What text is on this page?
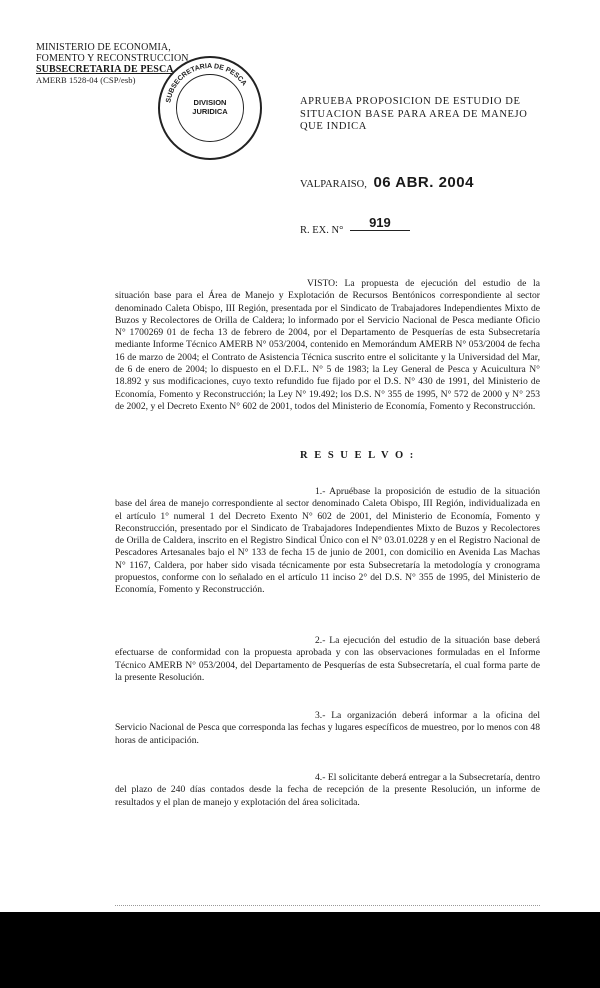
MINISTERIO DE ECONOMIA,
FOMENTO Y RECONSTRUCCION
SUBSECRETARIA DE PESCA
AMERB 1528-04 (CSP/esb)
SUBSECRETARIA DE PESCA
DIVISION
JURIDICA
APRUEBA PROPOSICION DE ESTUDIO DE SITUACION BASE PARA AREA DE MANEJO QUE INDICA
VALPARAISO, 06 ABR. 2004
R. EX. N° 919
VISTO: La propuesta de ejecución del estudio de la situación base para el Área de Manejo y Explotación de Recursos Bentónicos correspondiente al sector denominado Caleta Obispo, III Región, presentada por el Sindicato de Trabajadores Independientes Mixto de Buzos y Recolectores de Orilla de Caldera; lo informado por el Servicio Nacional de Pesca mediante Oficio N° 1700269 01 de fecha 13 de febrero de 2004, por el Departamento de Pesquerías de esta Subsecretaría mediante Informe Técnico AMERB N° 053/2004, contenido en Memorándum AMERB N° 053/2004 de fecha 16 de marzo de 2004; el Contrato de Asistencia Técnica suscrito entre el solicitante y la Universidad del Mar, de 6 de enero de 2004; lo dispuesto en el D.F.L. N° 5 de 1983; la Ley General de Pesca y Acuicultura N° 18.892 y sus modificaciones, cuyo texto refundido fue fijado por el D.S. N° 430 de 1991, del Ministerio de Economía, Fomento y Reconstrucción; la Ley N° 19.492; los D.S. N° 355 de 1995, N° 572 de 2000 y N° 253 de 2002, y el Decreto Exento N° 602 de 2001, todos del Ministerio de Economía, Fomento y Reconstrucción.
R E S U E L V O :
1.- Apruébase la proposición de estudio de la situación base del área de manejo correspondiente al sector denominado Caleta Obispo, III Región, individualizada en el artículo 1° numeral 1 del Decreto Exento N° 602 de 2001, del Ministerio de Economía, Fomento y Reconstrucción, presentado por el Sindicato de Trabajadores Independientes Mixto de Buzos y Recolectores de Orilla de Caldera, inscrito en el Registro Sindical Único con el N° 03.01.0228 y en el Registro Nacional de Pescadores Artesanales bajo el N° 133 de fecha 15 de junio de 2001, con domicilio en Avenida Las Machas N° 1167, Caldera, por haber sido visada técnicamente por esta Subsecretaría la metodología y cronograma propuestos, conforme con lo señalado en el artículo 11 inciso 2° del D.S. N° 355 de 1995, del Ministerio de Economía, Fomento y Reconstrucción.
2.- La ejecución del estudio de la situación base deberá efectuarse de conformidad con la propuesta aprobada y con las observaciones formuladas en el Informe Técnico AMERB N° 053/2004, del Departamento de Pesquerías de esta Subsecretaría, el cual forma parte de la presente Resolución.
3.- La organización deberá informar a la oficina del Servicio Nacional de Pesca que corresponda las fechas y lugares específicos de muestreo, por lo menos con 48 horas de anticipación.
4.- El solicitante deberá entregar a la Subsecretaría, dentro del plazo de 240 días contados desde la fecha de recepción de la presente Resolución, un informe de resultados y el plan de manejo y explotación del área solicitada.
